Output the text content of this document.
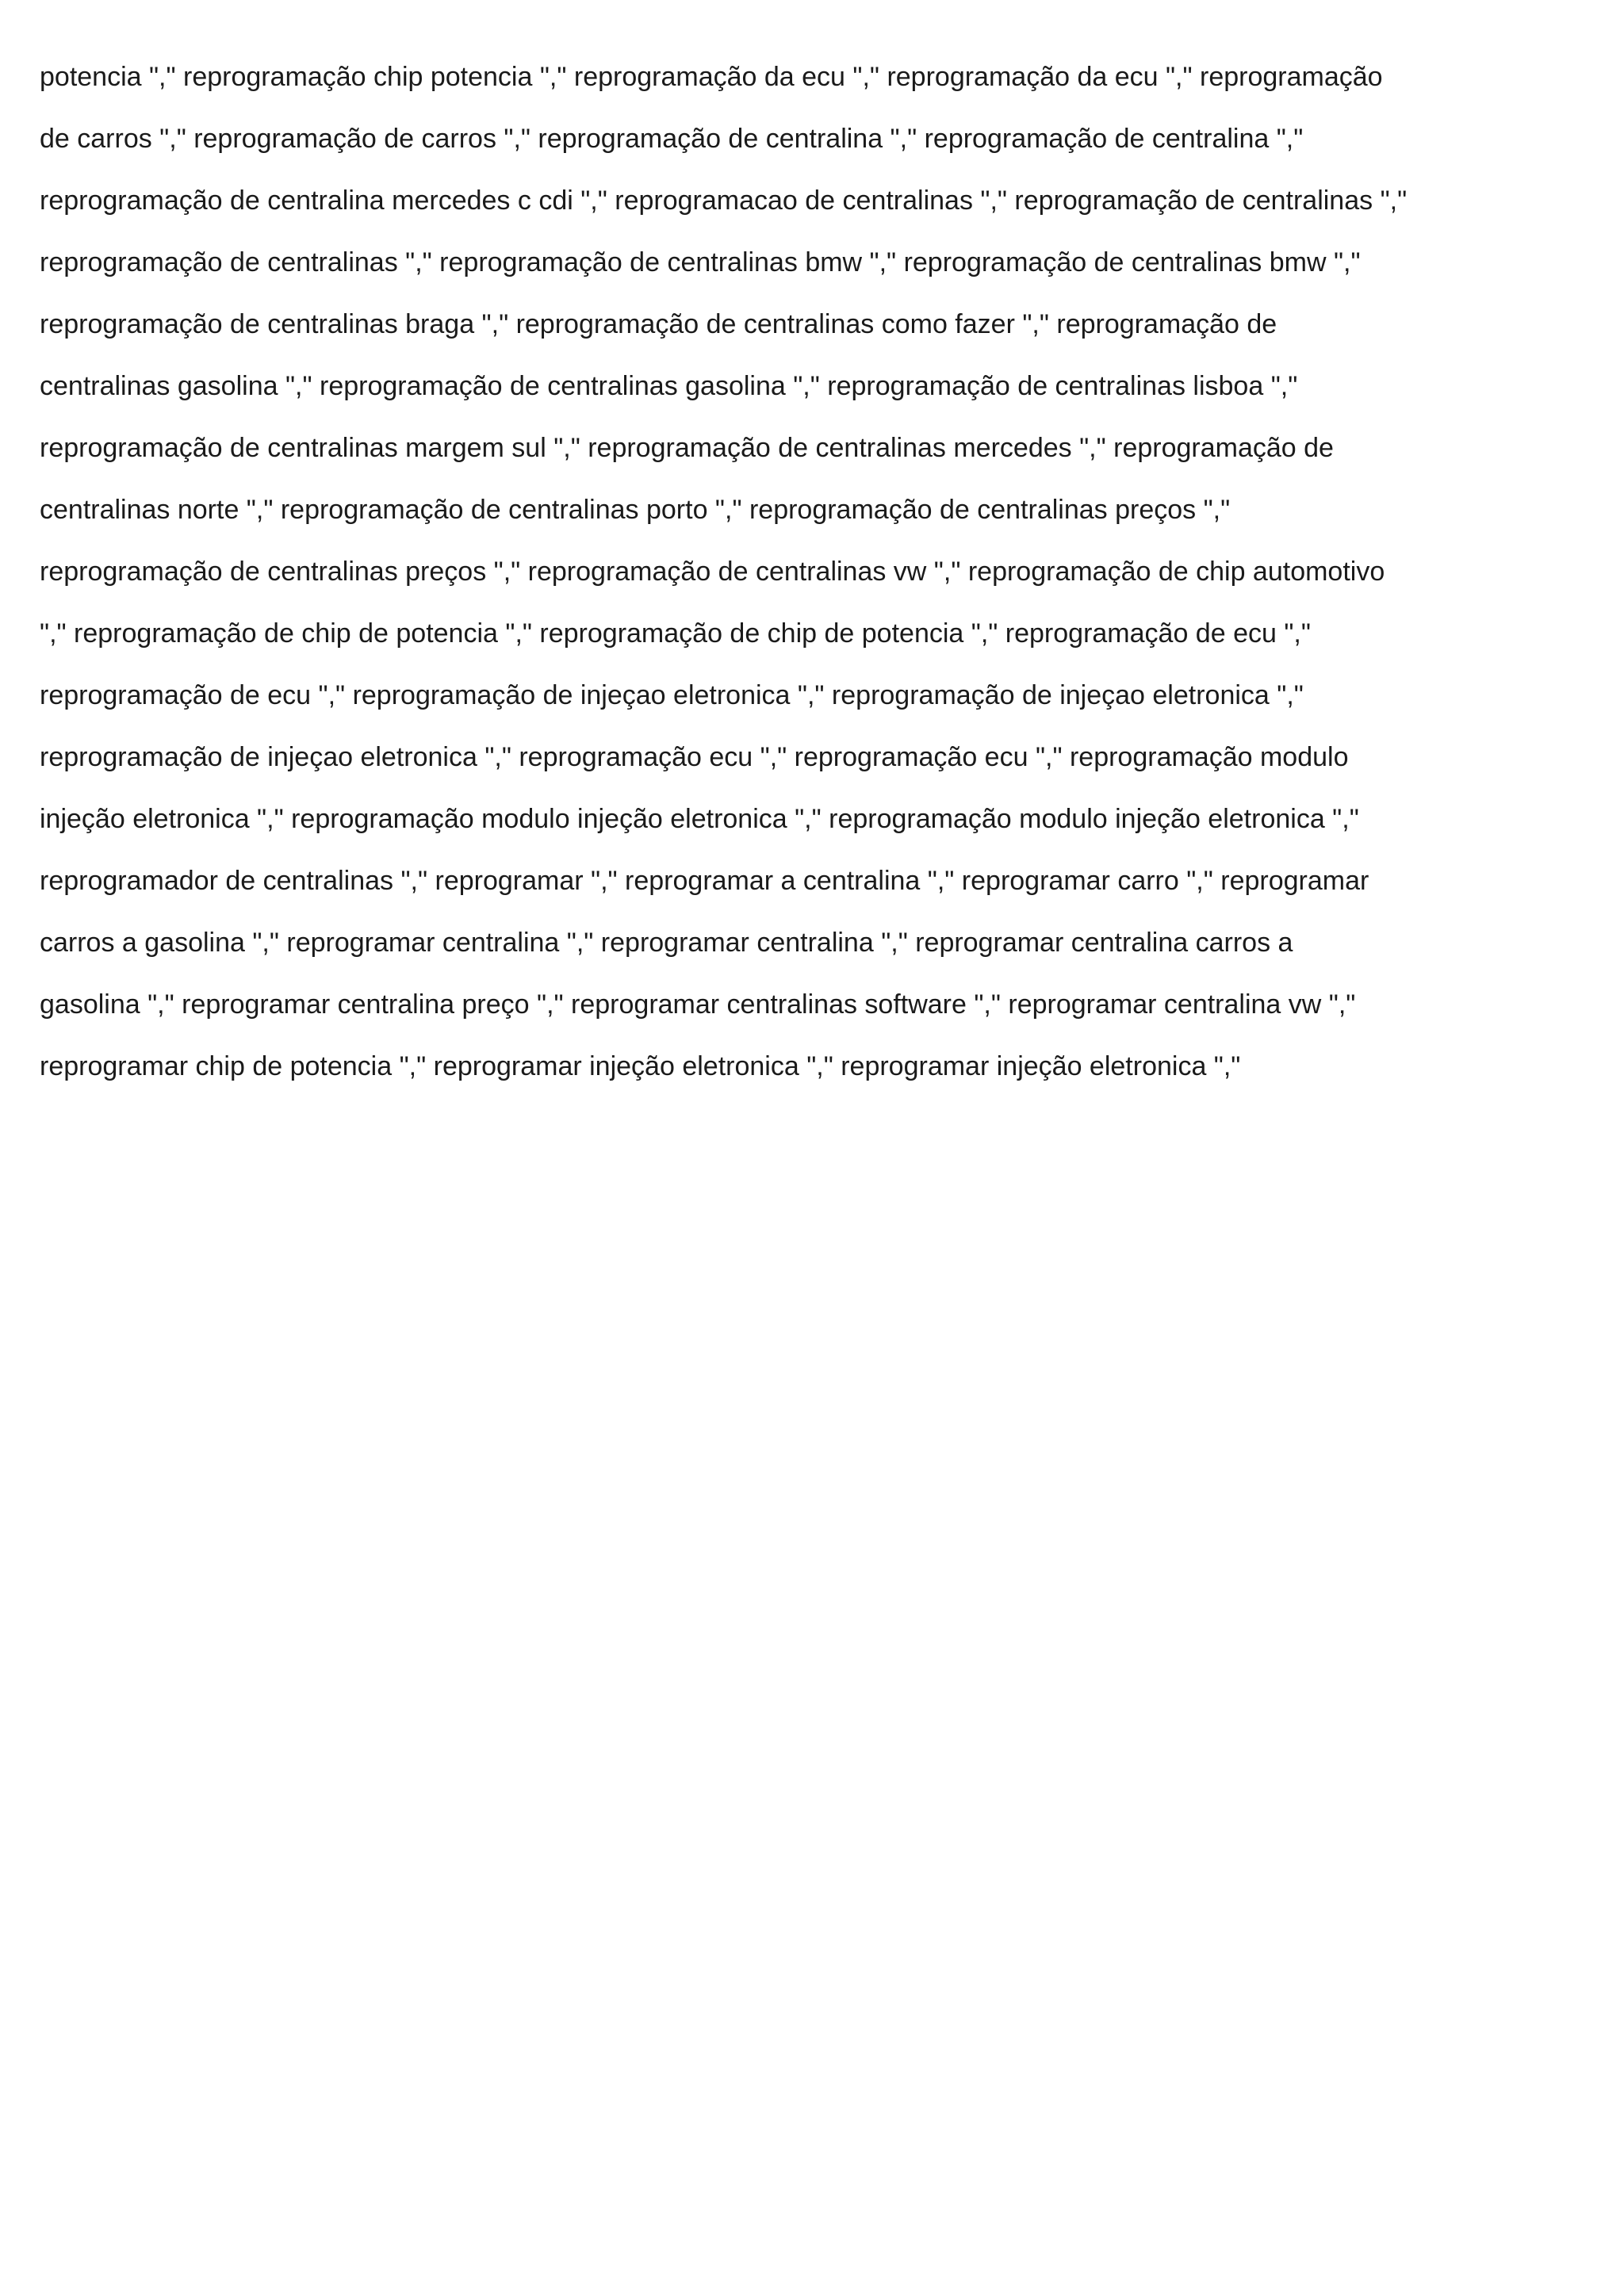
potencia "," reprogramação chip potencia "," reprogramação da ecu "," reprogramação da ecu "," reprogramação
de carros "," reprogramação de carros "," reprogramação de centralina "," reprogramação de centralina ","
reprogramação de centralina mercedes c cdi "," reprogramacao de centralinas "," reprogramação de centralinas ","
reprogramação de centralinas "," reprogramação de centralinas bmw "," reprogramação de centralinas bmw ","
reprogramação de centralinas braga "," reprogramação de centralinas como fazer "," reprogramação de
centralinas gasolina "," reprogramação de centralinas gasolina "," reprogramação de centralinas lisboa ","
reprogramação de centralinas margem sul "," reprogramação de centralinas mercedes "," reprogramação de
centralinas norte "," reprogramação de centralinas porto "," reprogramação de centralinas preços ","
reprogramação de centralinas preços "," reprogramação de centralinas vw "," reprogramação de chip automotivo
"," reprogramação de chip de potencia "," reprogramação de chip de potencia "," reprogramação de ecu ","
reprogramação de ecu "," reprogramação de injeçao eletronica "," reprogramação de injeçao eletronica ","
reprogramação de injeçao eletronica "," reprogramação ecu "," reprogramação ecu "," reprogramação modulo
injeção eletronica "," reprogramação modulo injeção eletronica "," reprogramação modulo injeção eletronica ","
reprogramador de centralinas "," reprogramar "," reprogramar a centralina "," reprogramar carro "," reprogramar
carros a gasolina "," reprogramar centralina "," reprogramar centralina "," reprogramar centralina carros a
gasolina "," reprogramar centralina preço "," reprogramar centralinas software "," reprogramar centralina vw ","
reprogramar chip de potencia "," reprogramar injeção eletronica "," reprogramar injeção eletronica ","
